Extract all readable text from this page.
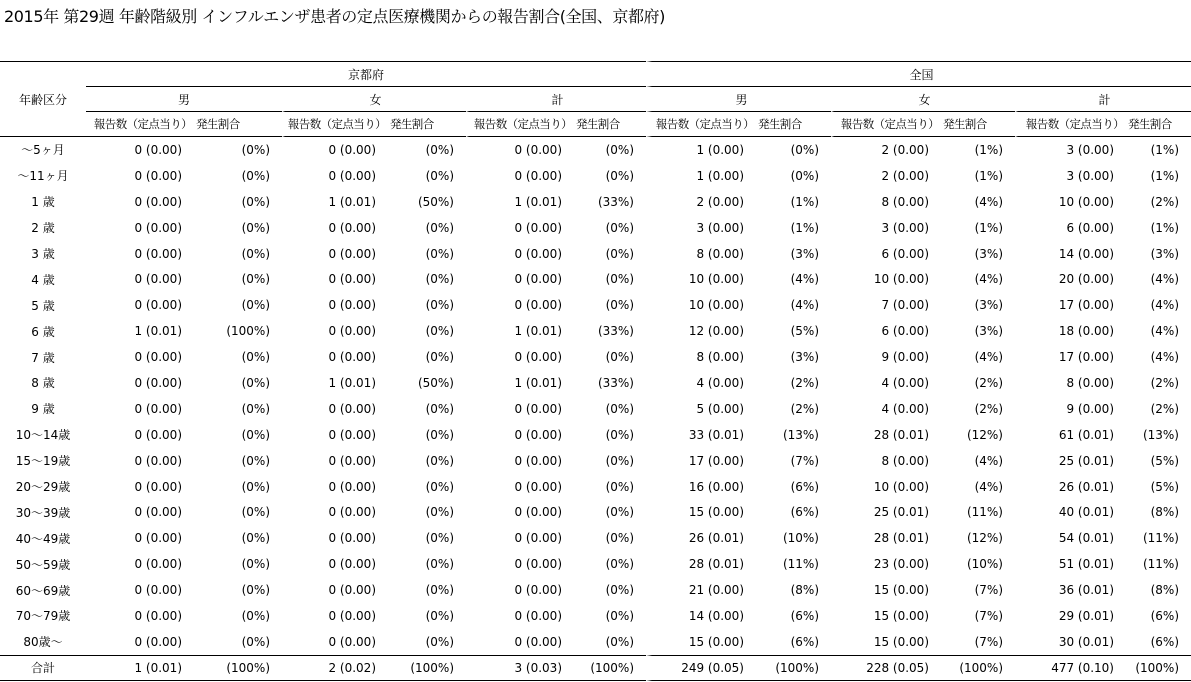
2015年 第29週 年齢階級別 インフルエンザ患者の定点医療機関からの報告割合(全国、京都府)

年齢区分	京都府						全国					
	男		女		計		男		女		計	
	報告数（定点当り）	発生割合	報告数（定点当り）	発生割合	報告数（定点当り）	発生割合	報告数（定点当り）	発生割合	報告数（定点当り）	発生割合	報告数（定点当り）	発生割合
～5ヶ月	0 (0.00)	(0%)	0 (0.00)	(0%)	0 (0.00)	(0%)	1 (0.00)	(0%)	2 (0.00)	(1%)	3 (0.00)	(1%)
～11ヶ月	0 (0.00)	(0%)	0 (0.00)	(0%)	0 (0.00)	(0%)	1 (0.00)	(0%)	2 (0.00)	(1%)	3 (0.00)	(1%)
1 歳	0 (0.00)	(0%)	1 (0.01)	(50%)	1 (0.01)	(33%)	2 (0.00)	(1%)	8 (0.00)	(4%)	10 (0.00)	(2%)
2 歳	0 (0.00)	(0%)	0 (0.00)	(0%)	0 (0.00)	(0%)	3 (0.00)	(1%)	3 (0.00)	(1%)	6 (0.00)	(1%)
3 歳	0 (0.00)	(0%)	0 (0.00)	(0%)	0 (0.00)	(0%)	8 (0.00)	(3%)	6 (0.00)	(3%)	14 (0.00)	(3%)
4 歳	0 (0.00)	(0%)	0 (0.00)	(0%)	0 (0.00)	(0%)	10 (0.00)	(4%)	10 (0.00)	(4%)	20 (0.00)	(4%)
5 歳	0 (0.00)	(0%)	0 (0.00)	(0%)	0 (0.00)	(0%)	10 (0.00)	(4%)	7 (0.00)	(3%)	17 (0.00)	(4%)
6 歳	1 (0.01)	(100%)	0 (0.00)	(0%)	1 (0.01)	(33%)	12 (0.00)	(5%)	6 (0.00)	(3%)	18 (0.00)	(4%)
7 歳	0 (0.00)	(0%)	0 (0.00)	(0%)	0 (0.00)	(0%)	8 (0.00)	(3%)	9 (0.00)	(4%)	17 (0.00)	(4%)
8 歳	0 (0.00)	(0%)	1 (0.01)	(50%)	1 (0.01)	(33%)	4 (0.00)	(2%)	4 (0.00)	(2%)	8 (0.00)	(2%)
9 歳	0 (0.00)	(0%)	0 (0.00)	(0%)	0 (0.00)	(0%)	5 (0.00)	(2%)	4 (0.00)	(2%)	9 (0.00)	(2%)
10～14歳	0 (0.00)	(0%)	0 (0.00)	(0%)	0 (0.00)	(0%)	33 (0.01)	(13%)	28 (0.01)	(12%)	61 (0.01)	(13%)
15～19歳	0 (0.00)	(0%)	0 (0.00)	(0%)	0 (0.00)	(0%)	17 (0.00)	(7%)	8 (0.00)	(4%)	25 (0.01)	(5%)
20～29歳	0 (0.00)	(0%)	0 (0.00)	(0%)	0 (0.00)	(0%)	16 (0.00)	(6%)	10 (0.00)	(4%)	26 (0.01)	(5%)
30～39歳	0 (0.00)	(0%)	0 (0.00)	(0%)	0 (0.00)	(0%)	15 (0.00)	(6%)	25 (0.01)	(11%)	40 (0.01)	(8%)
40～49歳	0 (0.00)	(0%)	0 (0.00)	(0%)	0 (0.00)	(0%)	26 (0.01)	(10%)	28 (0.01)	(12%)	54 (0.01)	(11%)
50～59歳	0 (0.00)	(0%)	0 (0.00)	(0%)	0 (0.00)	(0%)	28 (0.01)	(11%)	23 (0.00)	(10%)	51 (0.01)	(11%)
60～69歳	0 (0.00)	(0%)	0 (0.00)	(0%)	0 (0.00)	(0%)	21 (0.00)	(8%)	15 (0.00)	(7%)	36 (0.01)	(8%)
70～79歳	0 (0.00)	(0%)	0 (0.00)	(0%)	0 (0.00)	(0%)	14 (0.00)	(6%)	15 (0.00)	(7%)	29 (0.01)	(6%)
80歳～	0 (0.00)	(0%)	0 (0.00)	(0%)	0 (0.00)	(0%)	15 (0.00)	(6%)	15 (0.00)	(7%)	30 (0.01)	(6%)
合計	1 (0.01)	(100%)	2 (0.02)	(100%)	3 (0.03)	(100%)	249 (0.05)	(100%)	228 (0.05)	(100%)	477 (0.10)	(100%)
